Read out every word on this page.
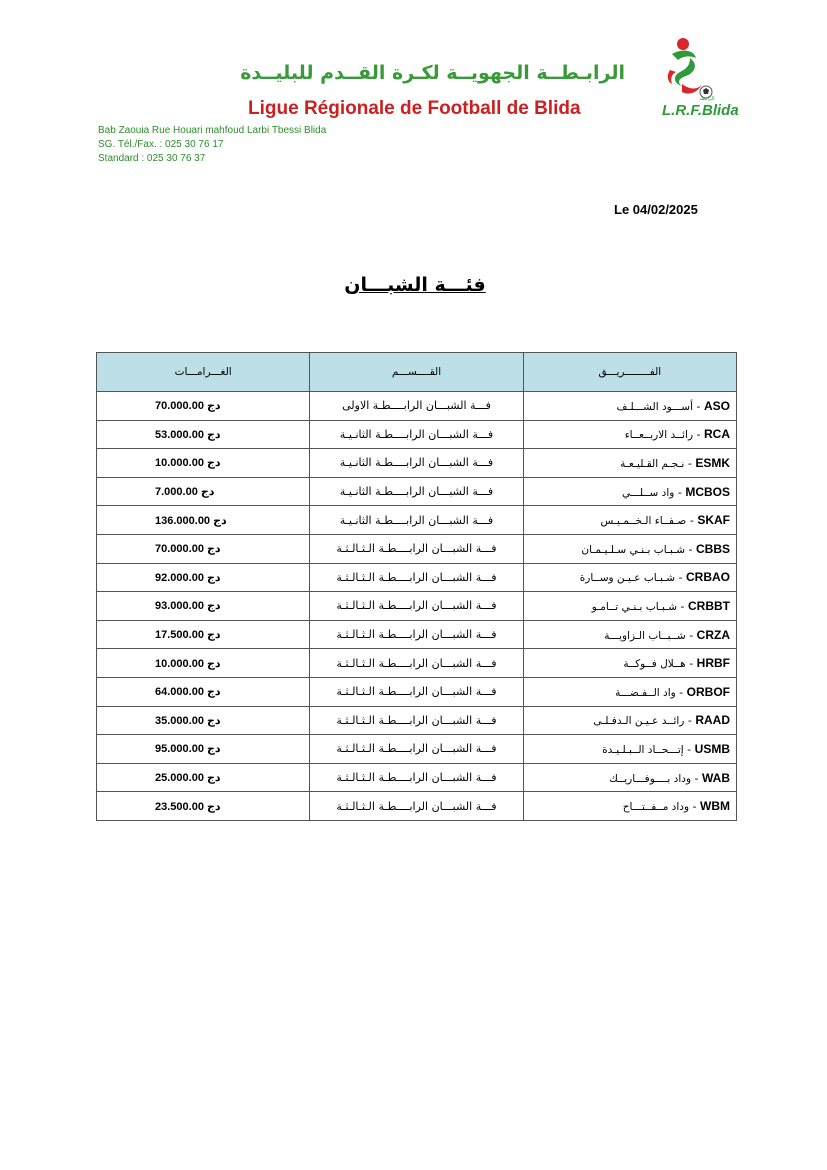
الرابـطــة الجهويــة لكـرة القــدم للبليــدة
Ligue Régionale de Football de Blida
Bab Zaouia Rue Houari mahfoud Larbi Tbessi Blida
SG. Tél./Fax. : 025 30 76 17
Standard : 025 30 76 37
الرابطة
L.R.F.Blida
Le 04/02/2025
فئـــة الشبـــان
الغـــرامـــات	القــــســـم	الفــــــــريـــق
70.000.00 دج	فـــة الشبـــان الرابــــطـة الاولى	أســـود الشـــلـف - ASO
53.000.00 دج	فـــة الشبـــان الرابــــطـة الثانـيـة	رائــد الاربــعــاء - RCA
10.000.00 دج	فـــة الشبـــان الرابــــطـة الثانـيـة	نـجـم القـليـعـة - ESMK
7.000.00 دج	فـــة الشبـــان الرابــــطـة الثانـيـة	واد ســلـــي - MCBOS
136.000.00 دج	فـــة الشبـــان الرابــــطـة الثانـيـة	صـفــاء الـخــمـيـس - SKAF
70.000.00 دج	فـــة الشبـــان الرابــــطـة الـثـالـثـة	شـبـاب بـنـي سـلـيـمـان - CBBS
92.000.00 دج	فـــة الشبـــان الرابــــطـة الـثـالـثـة	شـبـاب عـيـن وســارة - CRBAO
93.000.00 دج	فـــة الشبـــان الرابــــطـة الـثـالـثـة	شـبـاب بـنـي تــامـو - CRBBT
17.500.00 دج	فـــة الشبـــان الرابــــطـة الـثـالـثـة	شــبــاب الـزاويـــة - CRZA
10.000.00 دج	فـــة الشبـــان الرابــــطـة الـثـالـثـة	هــلال فــوكــة - HRBF
64.000.00 دج	فـــة الشبـــان الرابــــطـة الـثـالـثـة	واد الــفـضـــة - ORBOF
35.000.00 دج	فـــة الشبـــان الرابــــطـة الـثـالـثـة	رائــد عـيـن الـدفـلـى - RAAD
95.000.00 دج	فـــة الشبـــان الرابــــطـة الـثـالـثـة	إتـــحــاد الــبـلـيـدة - USMB
25.000.00 دج	فـــة الشبـــان الرابــــطـة الـثـالـثـة	وداد بــــوفـــاريــك - WAB
23.500.00 دج	فـــة الشبـــان الرابــــطـة الـثـالـثـة	وداد مــفــتـــاح - WBM
